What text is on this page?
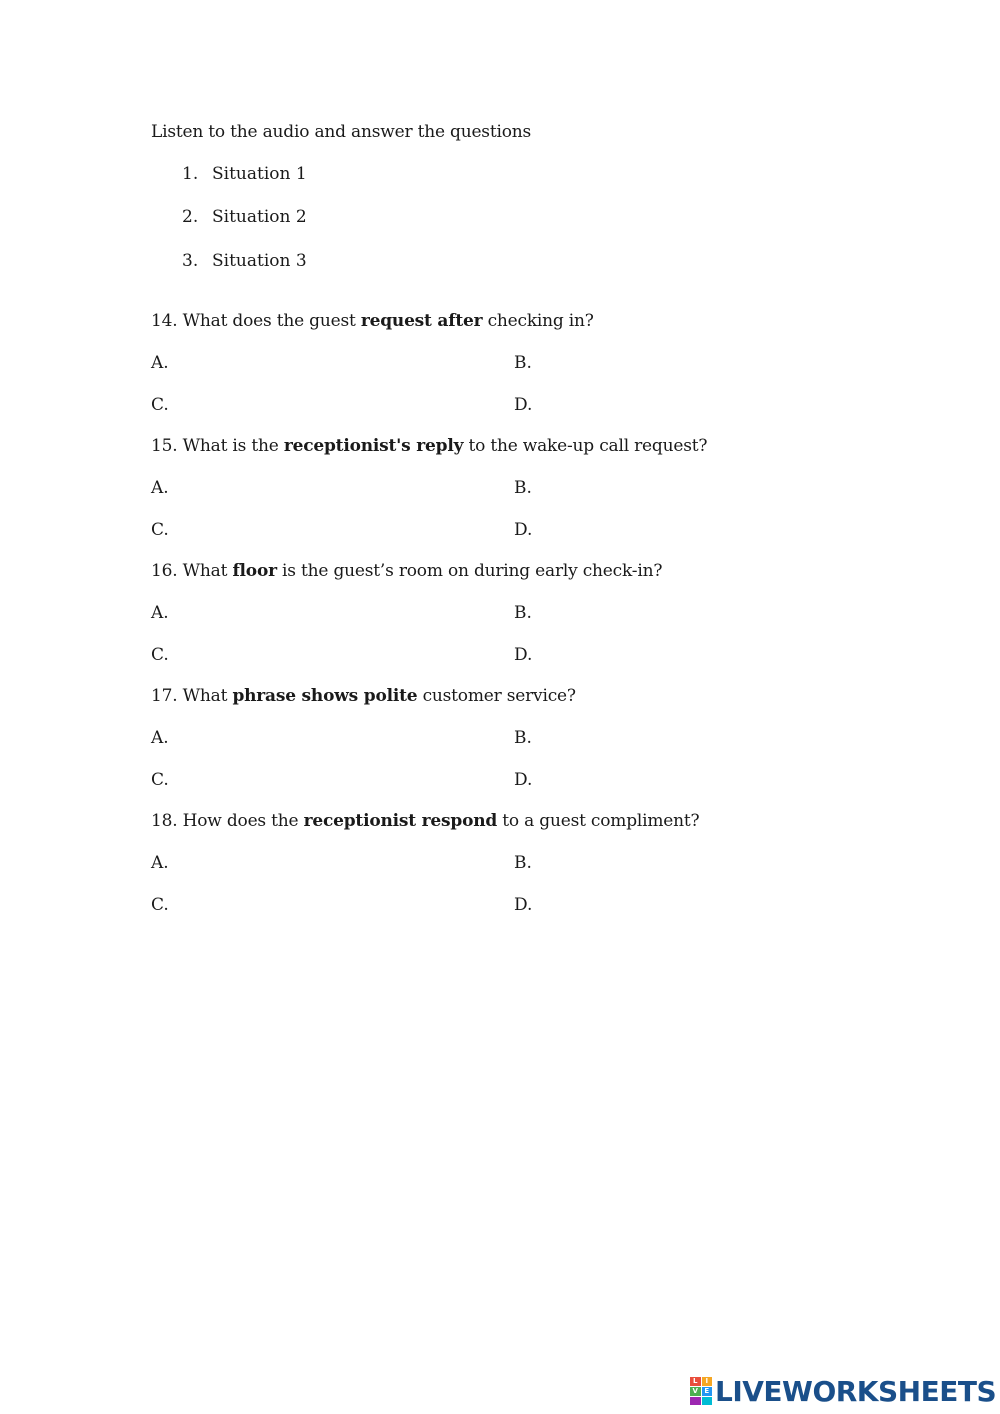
Listen to the audio and answer the questions
1. Situation 1
2. Situation 2
3. Situation 3
14. What does the guest request after checking in?
A.	B.
C.	D.
15. What is the receptionist's reply to the wake-up call request?
A.	B.
C.	D.
16. What floor is the guest’s room on during early check-in?
A.	B.
C.	D.
17. What phrase shows polite customer service?
A.	B.
C.	D.
18. How does the receptionist respond to a guest compliment?
A.	B.
C.	D.
L	I
V E LIVEWORKSHEETS
